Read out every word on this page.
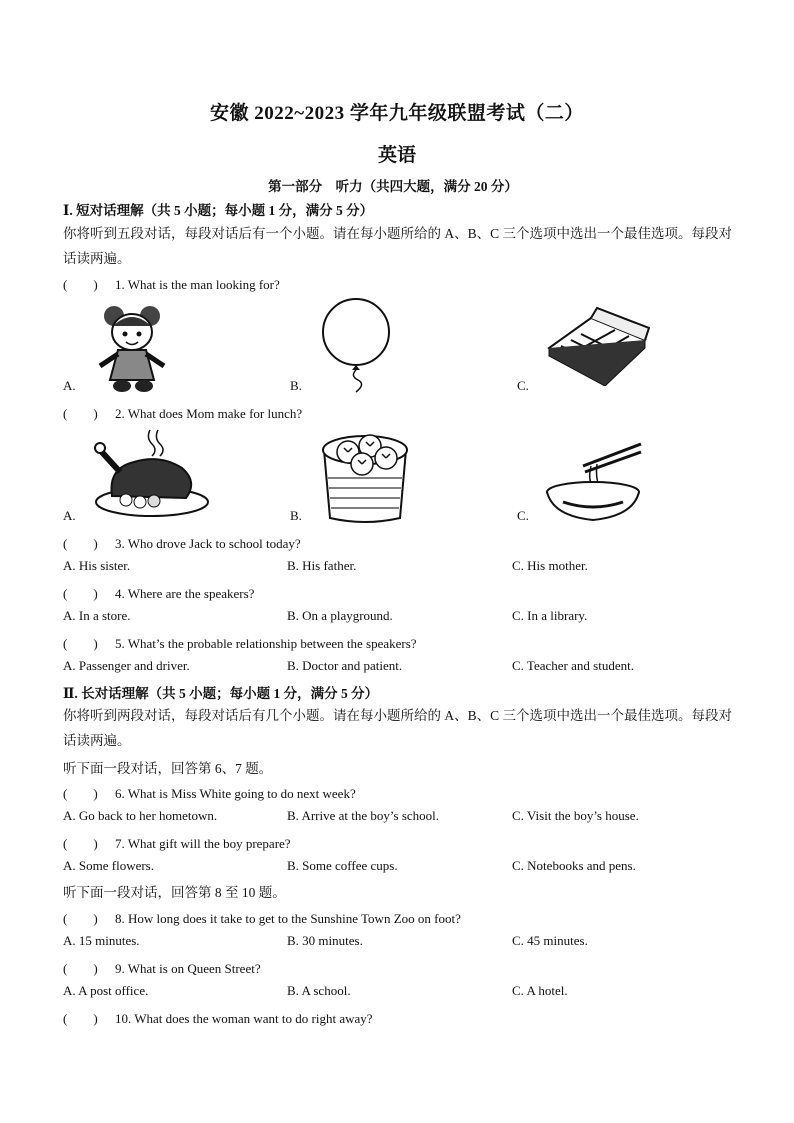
安徽 2022~2023 学年九年级联盟考试（二）
英语
第一部分　听力（共四大题，满分 20 分）
Ⅰ. 短对话理解（共 5 小题；每小题 1 分，满分 5 分）
你将听到五段对话，每段对话后有一个小题。请在每小题所给的 A、B、C 三个选项中选出一个最佳选项。每段对话读两遍。
(　　) 1. What is the man looking for?
A.	B.	C.
(　　) 2. What does Mom make for lunch?
A.	B.	C.
(　　) 3. Who drove Jack to school today?
A. His sister.	B. His father.	C. His mother.
(　　) 4. Where are the speakers?
A. In a store.	B. On a playground.	C. In a library.
(　　) 5. What’s the probable relationship between the speakers?
A. Passenger and driver.	B. Doctor and patient.	C. Teacher and student.
Ⅱ. 长对话理解（共 5 小题；每小题 1 分，满分 5 分）
你将听到两段对话，每段对话后有几个小题。请在每小题所给的 A、B、C 三个选项中选出一个最佳选项。每段对话读两遍。
听下面一段对话，回答第 6、7 题。
(　　) 6. What is Miss White going to do next week?
A. Go back to her hometown.	B. Arrive at the boy’s school.	C. Visit the boy’s house.
(　　) 7. What gift will the boy prepare?
A. Some flowers.	B. Some coffee cups.	C. Notebooks and pens.
听下面一段对话，回答第 8 至 10 题。
(　　) 8. How long does it take to get to the Sunshine Town Zoo on foot?
A. 15 minutes.	B. 30 minutes.	C. 45 minutes.
(　　) 9. What is on Queen Street?
A. A post office.	B. A school.	C. A hotel.
(　　) 10. What does the woman want to do right away?
